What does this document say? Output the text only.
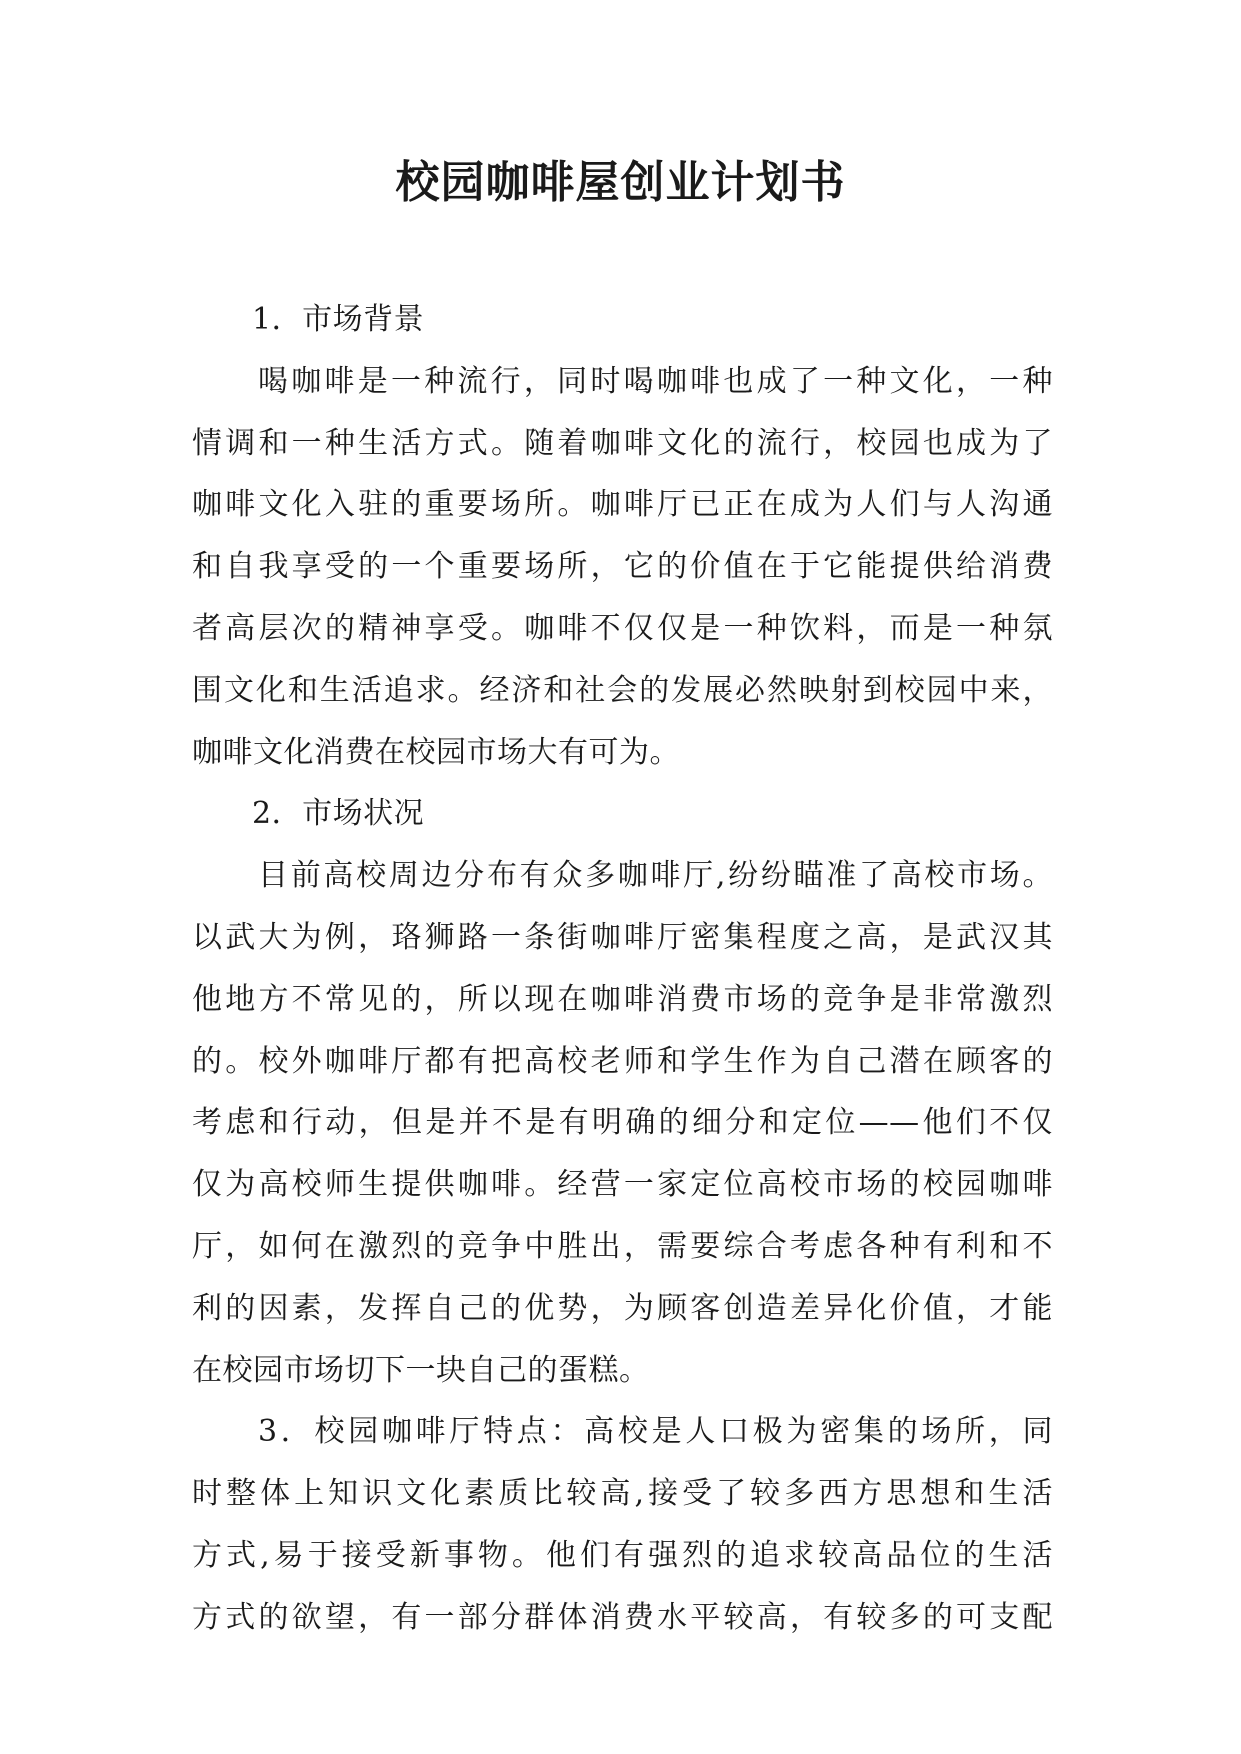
校园咖啡屋创业计划书
1．市场背景
喝咖啡是一种流行，同时喝咖啡也成了一种文化，一种
情调和一种生活方式。随着咖啡文化的流行，校园也成为了
咖啡文化入驻的重要场所。咖啡厅已正在成为人们与人沟通
和自我享受的一个重要场所，它的价值在于它能提供给消费
者高层次的精神享受。咖啡不仅仅是一种饮料，而是一种氛
围文化和生活追求。经济和社会的发展必然映射到校园中来，
咖啡文化消费在校园市场大有可为。
2．市场状况
目前高校周边分布有众多咖啡厅,纷纷瞄准了高校市场。
以武大为例，珞狮路一条街咖啡厅密集程度之高，是武汉其
他地方不常见的，所以现在咖啡消费市场的竞争是非常激烈
的。校外咖啡厅都有把高校老师和学生作为自己潜在顾客的
考虑和行动，但是并不是有明确的细分和定位——他们不仅
仅为高校师生提供咖啡。经营一家定位高校市场的校园咖啡
厅，如何在激烈的竞争中胜出，需要综合考虑各种有利和不
利的因素，发挥自己的优势，为顾客创造差异化价值，才能
在校园市场切下一块自己的蛋糕。
3．校园咖啡厅特点：高校是人口极为密集的场所，同
时整体上知识文化素质比较高,接受了较多西方思想和生活
方式,易于接受新事物。他们有强烈的追求较高品位的生活
方式的欲望，有一部分群体消费水平较高，有较多的可支配
